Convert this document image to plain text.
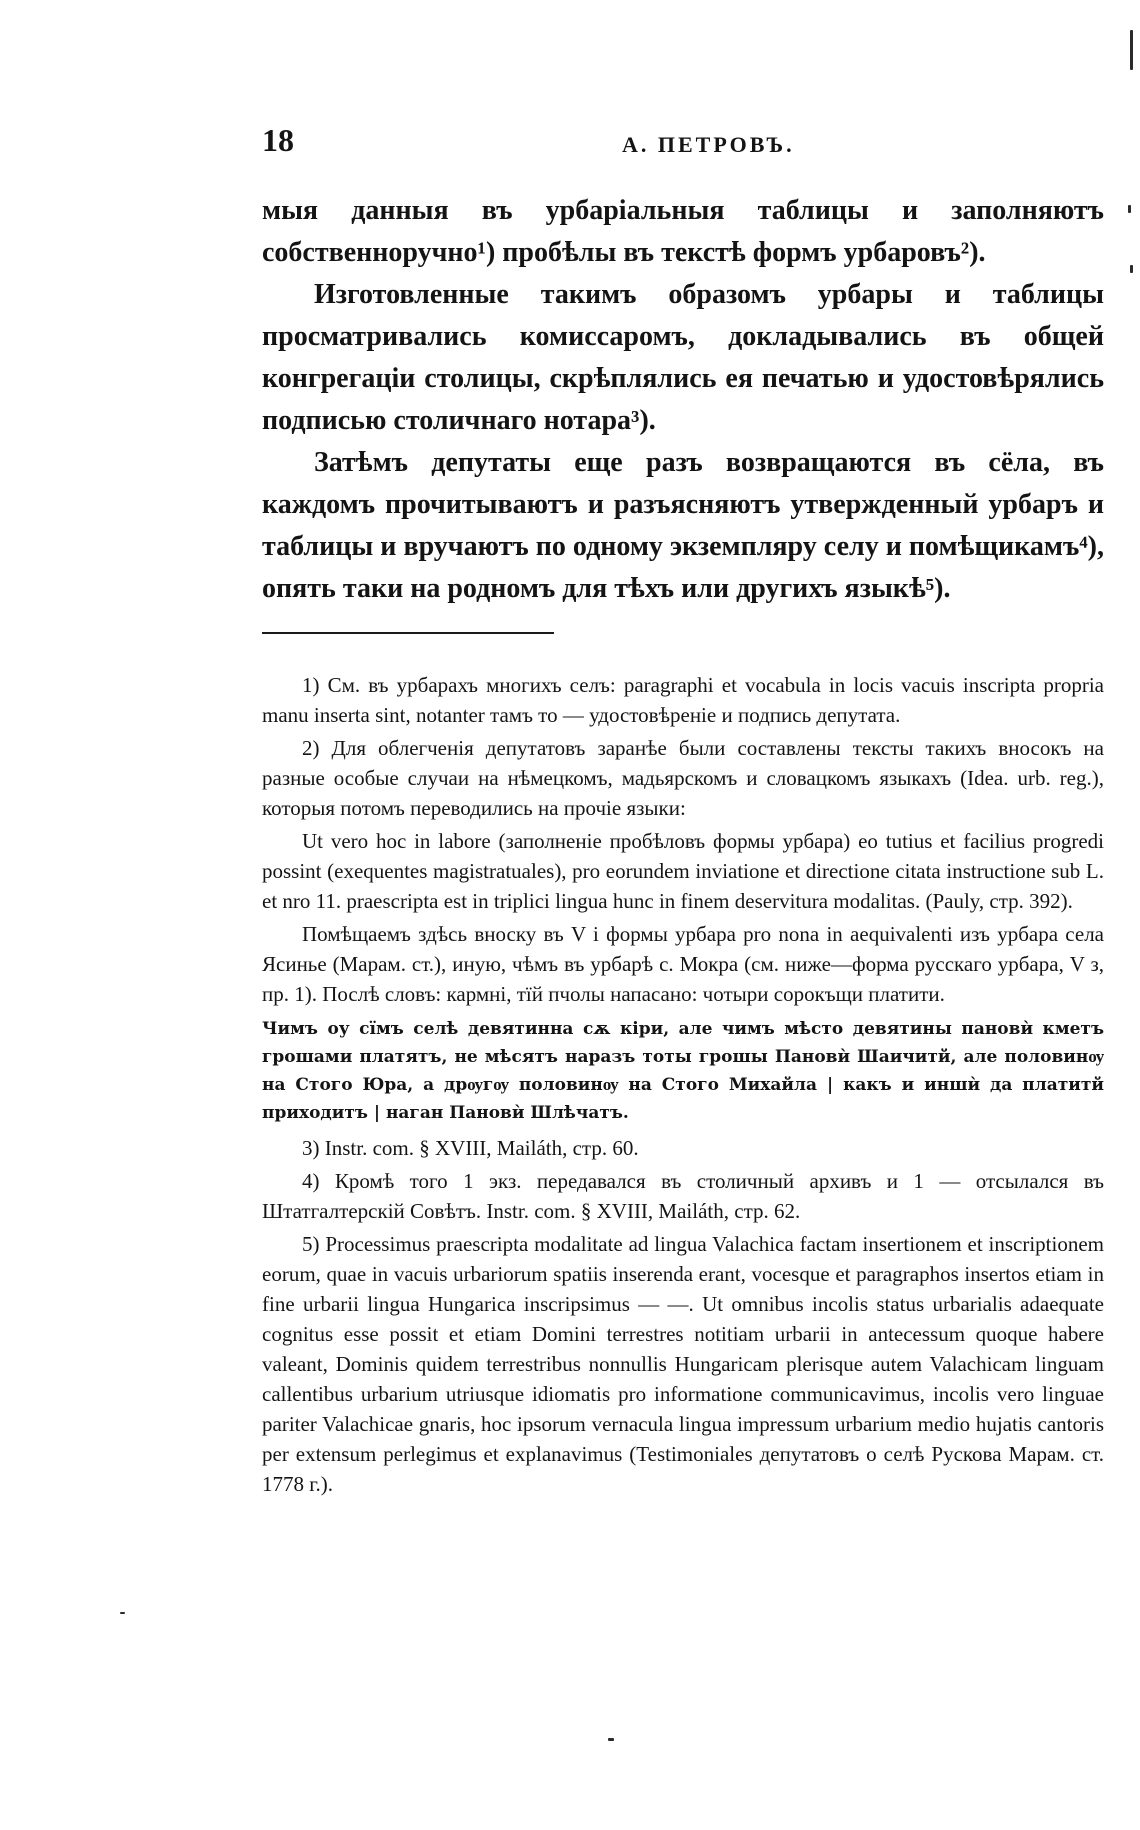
18	А. ПЕТРОВЪ.

мыя данныя въ урбаріальныя таблицы и заполняютъ собственноручно¹) пробѣлы въ текстѣ формъ урбаровъ²).

Изготовленные такимъ образомъ урбары и таблицы просматривались комиссаромъ, докладывались въ общей конгрегаціи столицы, скрѣплялись ея печатью и удостовѣрялись подписью столичнаго нотара³).

Затѣмъ депутаты еще разъ возвращаются въ сёла, въ каждомъ прочитываютъ и разъясняютъ утвержденный урбаръ и таблицы и вручаютъ по одному экземпляру селу и помѣщикамъ⁴), опять таки на родномъ для тѣхъ или другихъ языкѣ⁵).

1) См. въ урбарахъ многихъ селъ: paragraphi et vocabula in locis vacuis inscripta propria manu inserta sint, notanter тамъ то — удостовѣреніе и подпись депутата.

2) Для облегченія депутатовъ заранѣе были составлены тексты такихъ вносокъ на разные особые случаи на нѣмецкомъ, мадьярскомъ и словацкомъ языкахъ (Idea. urb. reg.), которыя потомъ переводились на прочіе языки:

Ut vero hoc in labore (заполненіе пробѣловъ формы урбара) eo tutius et facilius progredi possint (exequentes magistratuales), pro eorundem inviatione et directione citata instructione sub L. et nro 11. praescripta est in triplici lingua hunc in finem deservitura modalitas. (Pauly, стр. 392).

Помѣщаемъ здѣсь вноску въ V і формы урбара pro nona in aequivalenti изъ урбара села Ясинье (Марам. ст.), иную, чѣмъ въ урбарѣ с. Мокра (см. ниже—форма русскаго урбара, V з, пр. 1). Послѣ словъ: кармні, тїй пчолы напасано: чотыри сорокъщи платити.

Чимъ оу сїмъ селѣ девятинна сѫ кіри, але чимъ мѣсто девятины пановѝ кметъ грошами платятъ, не мѣсятъ наразъ тоты грошы Пановѝ Шаичитй, але половинѹ на Стого Юра, а дрѹгѹ половинѹ на Стого Михайла | какъ и иншѝ да платитй приходитъ | наган Пановѝ Шлѣчатъ.

3) Instr. com. § XVIII, Mailáth, стр. 60.

4) Кромѣ того 1 экз. передавался въ столичный архивъ и 1 — отсылался въ Штатгалтерскій Совѣтъ. Instr. com. § XVIII, Mailáth, стр. 62.

5) Processimus praescripta modalitate ad lingua Valachica factam insertionem et inscriptionem eorum, quae in vacuis urbariorum spatiis inserenda erant, vocesque et paragraphos insertos etiam in fine urbarii lingua Hungarica inscripsimus — —. Ut omnibus incolis status urbarialis adaequate cognitus esse possit et etiam Domini terrestres notitiam urbarii in antecessum quoque habere valeant, Dominis quidem terrestribus nonnullis Hungaricam plerisque autem Valachicam linguam callentibus urbarium utriusque idiomatis pro informatione communicavimus, incolis vero linguae pariter Valachicae gnaris, hoc ipsorum vernacula lingua impressum urbarium medio hujatis cantoris per extensum perlegimus et explanavimus (Testimoniales депутатовъ о селѣ Рускова Марам. ст. 1778 г.).
